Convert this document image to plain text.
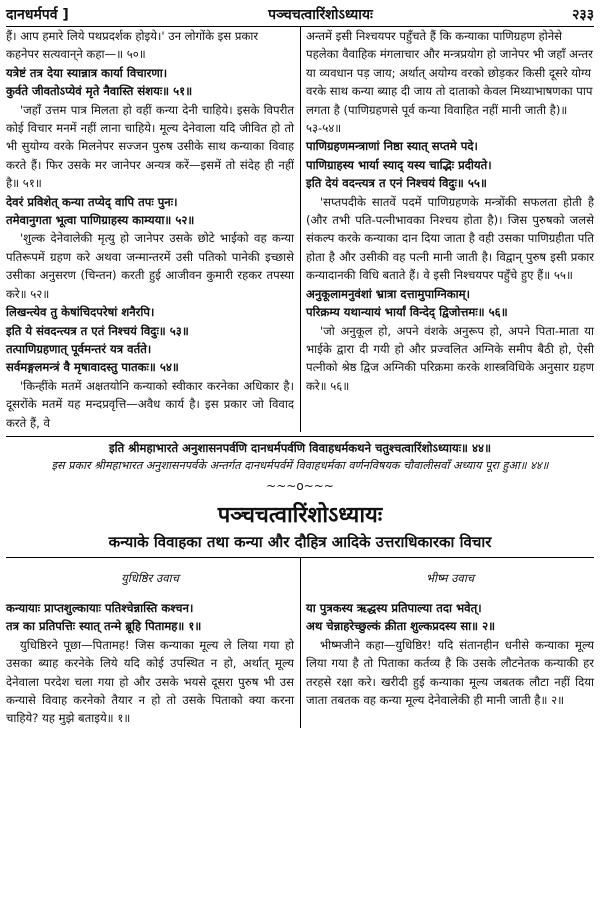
दानधर्मपर्व ]	पञ्चचत्वारिंशोऽध्यायः	२३३

हैं। आप हमारे लिये पथप्रदर्शक होइये।' उन लोगोंके इस प्रकार कहनेपर सत्यवान्‌ने कहा—॥ ५०॥

यत्रेष्टं तत्र देया स्यान्नात्र कार्या विचारणा।
कुर्वते जीवतोऽप्येवं मृते नैवास्ति संशयः॥ ५१॥

'जहाँ उत्तम पात्र मिलता हो वहीं कन्या देनी चाहिये। इसके विपरीत कोई विचार मनमें नहीं लाना चाहिये। मूल्य देनेवाला यदि जीवित हो तो भी सुयोग्य वरके मिलनेपर सज्जन पुरुष उसीके साथ कन्याका विवाह करते हैं। फिर उसके मर जानेपर अन्यत्र करें—इसमें तो संदेह ही नहीं है॥ ५१॥

देवरं प्रविशेत् कन्या तप्येद् वापि तपः पुनः।
तमेवानुगता भूत्वा पाणिग्राहस्य काम्यया॥ ५२॥

'शुल्क देनेवालेकी मृत्यु हो जानेपर उसके छोटे भाईको वह कन्या पतिरूपमें ग्रहण करे अथवा जन्मान्तरमें उसी पतिको पानेकी इच्छासे उसीका अनुसरण (चिन्तन) करती हुई आजीवन कुमारी रहकर तपस्या करे॥ ५२॥

लिखन्त्येव तु केषांचिदपरेषां शनैरपि।
इति ये संवदन्त्यत्र त एतं निश्चयं विदुः॥ ५३॥
तत्पाणिग्रहणात् पूर्वमन्तरं यत्र वर्तते।
सर्वमङ्गलमन्त्रं वै मृषावादस्तु पातकः॥ ५४॥

'किन्हींके मतमें अक्षतयोनि कन्याको स्वीकार करनेका अधिकार है। दूसरोंके मतमें यह मन्दप्रवृत्ति—अवैध कार्य है। इस प्रकार जो विवाद करते हैं, वे

अन्तमें इसी निश्चयपर पहुँचते हैं कि कन्याका पाणिग्रहण होनेसे पहलेका वैवाहिक मंगलाचार और मन्त्रप्रयोग हो जानेपर भी जहाँ अन्तर या व्यवधान पड़ जाय; अर्थात् अयोग्य वरको छोड़कर किसी दूसरे योग्य वरके साथ कन्या ब्याह दी जाय तो दाताको केवल मिथ्याभाषणका पाप लगता है (पाणिग्रहणसे पूर्व कन्या विवाहित नहीं मानी जाती है)॥ ५३-५४॥

पाणिग्रहणमन्त्राणां निष्ठा स्यात् सप्तमे पदे।
पाणिग्राहस्य भार्या स्याद् यस्य चाद्भिः प्रदीयते।
इति देयं वदन्त्यत्र त एनं निश्चयं विदुः॥ ५५॥

'सप्तपदीके सातवें पदमें पाणिग्रहणके मन्त्रोंकी सफलता होती है (और तभी पति-पत्नीभावका निश्चय होता है)। जिस पुरुषको जलसे संकल्प करके कन्याका दान दिया जाता है वही उसका पाणिग्रहीता पति होता है और उसीकी वह पत्नी मानी जाती है। विद्वान् पुरुष इसी प्रकार कन्यादानकी विधि बताते हैं। वे इसी निश्चयपर पहुँचे हुए हैं॥ ५५॥

अनुकूलामनुवंशां भ्रात्रा दत्तामुपाग्निकाम्।
परिक्रम्य यथान्यायं भार्यां विन्देद् द्विजोत्तमः॥ ५६॥

'जो अनुकूल हो, अपने वंशके अनुरूप हो, अपने पिता-माता या भाईके द्वारा दी गयी हो और प्रज्वलित अग्निके समीप बैठी हो, ऐसी पत्नीको श्रेष्ठ द्विज अग्निकी परिक्रमा करके शास्त्रविधिके अनुसार ग्रहण करे॥ ५६॥

इति श्रीमहाभारते अनुशासनपर्वणि दानधर्मपर्वणि विवाहधर्मकथने चतुश्चत्वारिंशोऽध्यायः॥ ४४॥
इस प्रकार श्रीमहाभारत अनुशासनपर्वके अन्तर्गत दानधर्मपर्वमें विवाहधर्मका वर्णनविषयक चौवालीसवाँ अध्याय पूरा हुआ॥ ४४॥
~~~o~~~
पञ्चचत्वारिंशोऽध्यायः
कन्याके विवाहका तथा कन्या और दौहित्र आदिके उत्तराधिकारका विचार

युधिष्ठिर उवाच

कन्यायाः प्राप्तशुल्कायाः पतिश्चेन्नास्ति कश्चन।
तत्र का प्रतिपत्तिः स्यात् तन्मे ब्रूहि पितामह॥ १॥

युधिष्ठिरने पूछा—पितामह! जिस कन्याका मूल्य ले लिया गया हो उसका ब्याह करनेके लिये यदि कोई उपस्थित न हो, अर्थात् मूल्य देनेवाला परदेश चला गया हो और उसके भयसे दूसरा पुरुष भी उस कन्यासे विवाह करनेको तैयार न हो तो उसके पिताको क्या करना चाहिये? यह मुझे बताइये॥ १॥

भीष्म उवाच

या पुत्रकस्य ऋद्धस्य प्रतिपाल्या तदा भवेत्।
अथ चेन्नाहरेच्छुल्कं क्रीता शुल्कप्रदस्य सा॥ २॥

भीष्मजीने कहा—युधिष्ठिर! यदि संतानहीन धनीसे कन्याका मूल्य लिया गया है तो पिताका कर्तव्य है कि उसके लौटनेतक कन्याकी हर तरहसे रक्षा करे। खरीदी हुई कन्याका मूल्य जबतक लौटा नहीं दिया जाता तबतक वह कन्या मूल्य देनेवालेकी ही मानी जाती है॥ २॥
